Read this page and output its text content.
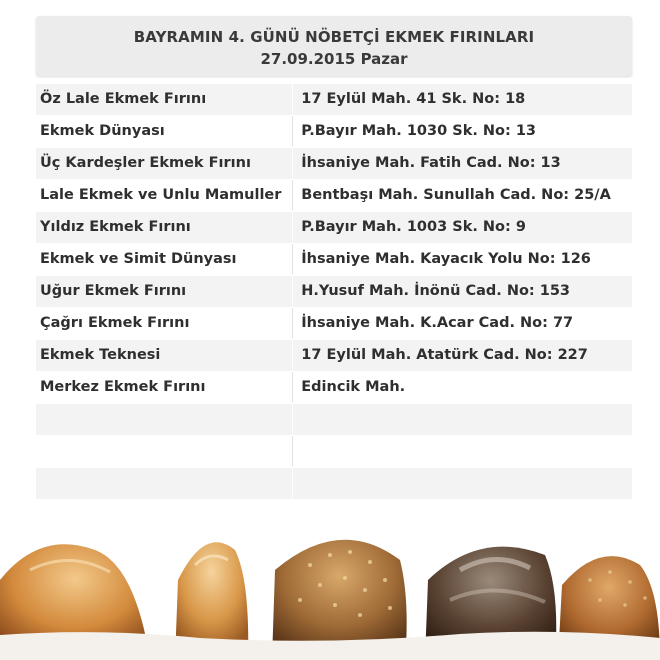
BAYRAMIN 4. GÜNÜ NÖBETÇİ EKMEK FIRINLARI
27.09.2015 Pazar
Öz Lale Ekmek Fırını	17 Eylül Mah. 41 Sk. No: 18
Ekmek Dünyası	P.Bayır Mah. 1030 Sk. No: 13
Üç Kardeşler Ekmek Fırını	İhsaniye Mah. Fatih Cad. No: 13
Lale Ekmek ve Unlu Mamuller	Bentbaşı Mah. Sunullah Cad. No: 25/A
Yıldız Ekmek Fırını	P.Bayır Mah. 1003 Sk. No: 9
Ekmek ve Simit Dünyası	İhsaniye Mah. Kayacık Yolu No: 126
Uğur Ekmek Fırını	H.Yusuf Mah. İnönü Cad. No: 153
Çağrı Ekmek Fırını	İhsaniye Mah. K.Acar Cad. No: 77
Ekmek Teknesi	17 Eylül Mah. Atatürk Cad. No: 227
Merkez Ekmek Fırını	Edincik Mah.
